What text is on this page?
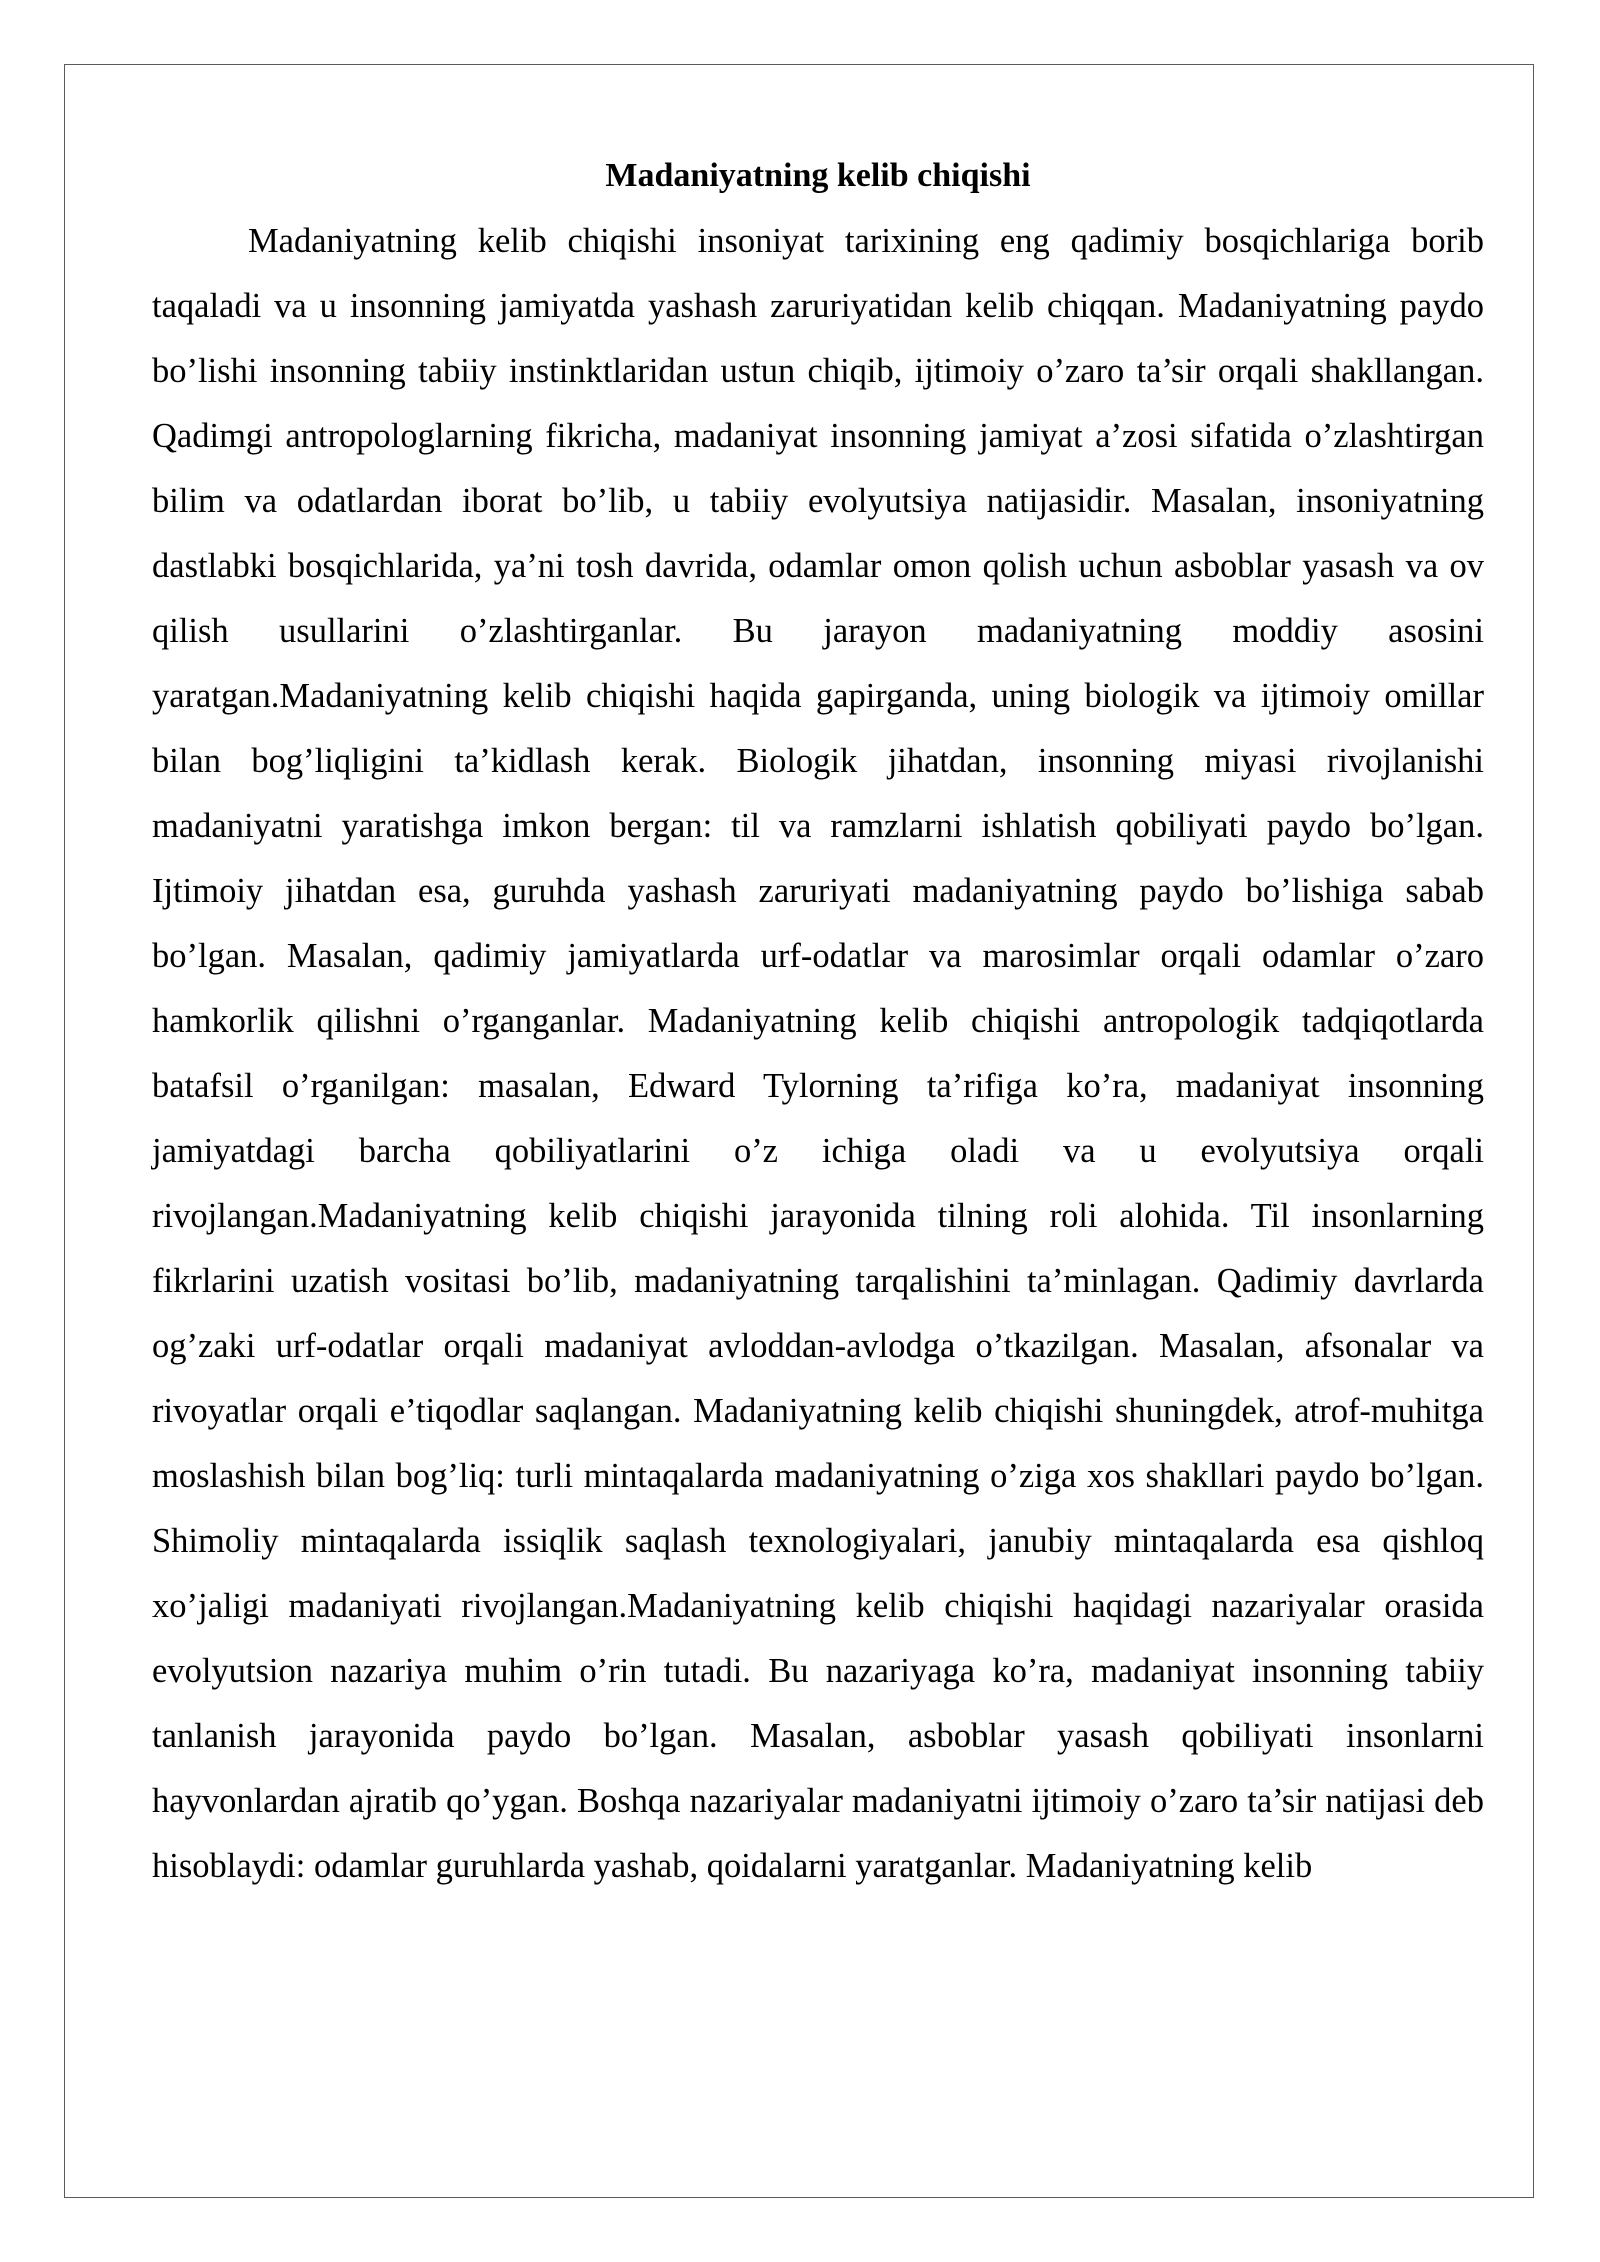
Madaniyatning kelib chiqishi

Madaniyatning kelib chiqishi insoniyat tarixining eng qadimiy bosqichlariga borib taqaladi va u insonning jamiyatda yashash zaruriyatidan kelib chiqqan. Madaniyatning paydo bo’lishi insonning tabiiy instinktlaridan ustun chiqib, ijtimoiy o’zaro ta’sir orqali shakllangan. Qadimgi antropologlarning fikricha, madaniyat insonning jamiyat a’zosi sifatida o’zlashtirgan bilim va odatlardan iborat bo’lib, u tabiiy evolyutsiya natijasidir. Masalan, insoniyatning dastlabki bosqichlarida, ya’ni tosh davrida, odamlar omon qolish uchun asboblar yasash va ov qilish usullarini o’zlashtirganlar. Bu jarayon madaniyatning moddiy asosini yaratgan.Madaniyatning kelib chiqishi haqida gapirganda, uning biologik va ijtimoiy omillar bilan bog’liqligini ta’kidlash kerak. Biologik jihatdan, insonning miyasi rivojlanishi madaniyatni yaratishga imkon bergan: til va ramzlarni ishlatish qobiliyati paydo bo’lgan. Ijtimoiy jihatdan esa, guruhda yashash zaruriyati madaniyatning paydo bo’lishiga sabab bo’lgan. Masalan, qadimiy jamiyatlarda urf-odatlar va marosimlar orqali odamlar o’zaro hamkorlik qilishni o’rganganlar. Madaniyatning kelib chiqishi antropologik tadqiqotlarda batafsil o’rganilgan: masalan, Edward Tylorning ta’rifiga ko’ra, madaniyat insonning jamiyatdagi barcha qobiliyatlarini o’z ichiga oladi va u evolyutsiya orqali rivojlangan.Madaniyatning kelib chiqishi jarayonida tilning roli alohida. Til insonlarning fikrlarini uzatish vositasi bo’lib, madaniyatning tarqalishini ta’minlagan. Qadimiy davrlarda og’zaki urf-odatlar orqali madaniyat avloddan-avlodga o’tkazilgan. Masalan, afsonalar va rivoyatlar orqali e’tiqodlar saqlangan. Madaniyatning kelib chiqishi shuningdek, atrof-muhitga moslashish bilan bog’liq: turli mintaqalarda madaniyatning o’ziga xos shakllari paydo bo’lgan. Shimoliy mintaqalarda issiqlik saqlash texnologiyalari, janubiy mintaqalarda esa qishloq xo’jaligi madaniyati rivojlangan.Madaniyatning kelib chiqishi haqidagi nazariyalar orasida evolyutsion nazariya muhim o’rin tutadi. Bu nazariyaga ko’ra, madaniyat insonning tabiiy tanlanish jarayonida paydo bo’lgan. Masalan, asboblar yasash qobiliyati insonlarni hayvonlardan ajratib qo’ygan. Boshqa nazariyalar madaniyatni ijtimoiy o’zaro ta’sir natijasi deb hisoblaydi: odamlar guruhlarda yashab, qoidalarni yaratganlar. Madaniyatning kelib
